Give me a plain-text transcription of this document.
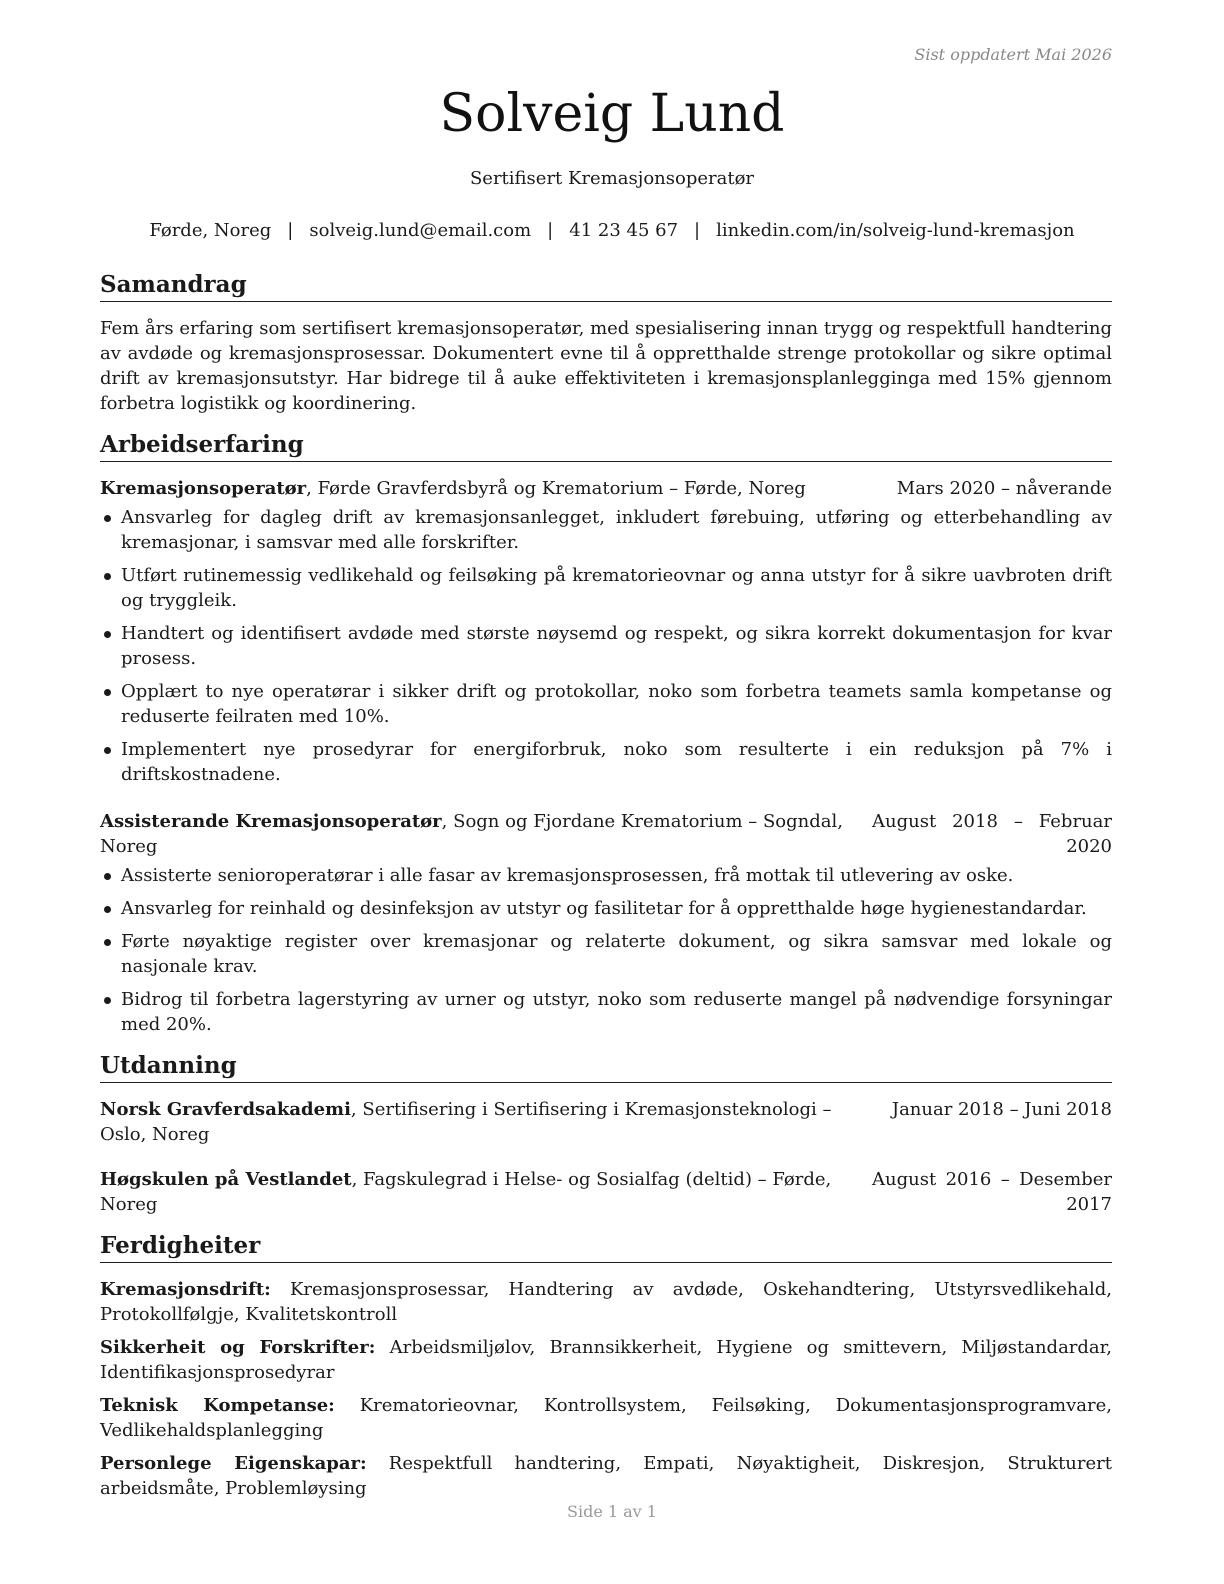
Sist oppdatert Mai 2026
Solveig Lund
Sertifisert Kremasjonsoperatør
Førde, Noreg | solveig.lund@email.com | 41 23 45 67 | linkedin.com/in/solveig-lund-kremasjon
Samandrag

Fem års erfaring som sertifisert kremasjonsoperatør, med spesialisering innan trygg og respektfull handtering av avdøde og kremasjonsprosessar. Dokumentert evne til å oppretthalde strenge protokollar og sikre optimal drift av kremasjonsutstyr. Har bidrege til å auke effektiviteten i kremasjonsplanlegginga med 15% gjennom forbetra logistikk og koordinering.

Arbeidserfaring
Kremasjonsoperatør, Førde Gravferdsbyrå og Krematorium – Førde, Noreg	Mars 2020 – nåverande
Ansvarleg for dagleg drift av kremasjonsanlegget, inkludert førebuing, utføring og etterbehandling av kremasjonar, i samsvar med alle forskrifter.
Utført rutinemessig vedlikehald og feilsøking på krematorieovnar og anna utstyr for å sikre uavbroten drift og tryggleik.
Handtert og identifisert avdøde med største nøysemd og respekt, og sikra korrekt dokumentasjon for kvar prosess.
Opplært to nye operatørar i sikker drift og protokollar, noko som forbetra teamets samla kompetanse og reduserte feilraten med 10%.
Implementert nye prosedyrar for energiforbruk, noko som resulterte i ein reduksjon på 7% i driftskostnadene.
Assisterande Kremasjonsoperatør, Sogn og Fjordane Krematorium – Sogndal, Noreg
August 2018 – Februar 2020
Assisterte senioroperatørar i alle fasar av kremasjonsprosessen, frå mottak til utlevering av oske.
Ansvarleg for reinhald og desinfeksjon av utstyr og fasilitetar for å oppretthalde høge hygienestandardar.
Førte nøyaktige register over kremasjonar og relaterte dokument, og sikra samsvar med lokale og nasjonale krav.
Bidrog til forbetra lagerstyring av urner og utstyr, noko som reduserte mangel på nødvendige forsyningar med 20%.
Utdanning
Norsk Gravferdsakademi, Sertifisering i Sertifisering i Kremasjonsteknologi – Oslo, Noreg
Januar 2018 – Juni 2018
Høgskulen på Vestlandet, Fagskulegrad i Helse- og Sosialfag (deltid) – Førde, Noreg
August 2016 – Desember 2017
Ferdigheiter

Kremasjonsdrift: Kremasjonsprosessar, Handtering av avdøde, Oskehandtering, Utstyrsvedlikehald, Protokollfølgje, Kvalitetskontroll

Sikkerheit og Forskrifter: Arbeidsmiljølov, Brannsikkerheit, Hygiene og smittevern, Miljøstandardar, Identifikasjonsprosedyrar

Teknisk Kompetanse: Krematorieovnar, Kontrollsystem, Feilsøking, Dokumentasjonsprogramvare, Vedlikehaldsplanlegging

Personlege Eigenskapar: Respektfull handtering, Empati, Nøyaktigheit, Diskresjon, Strukturert arbeidsmåte, Problemløysing

Side 1 av 1
